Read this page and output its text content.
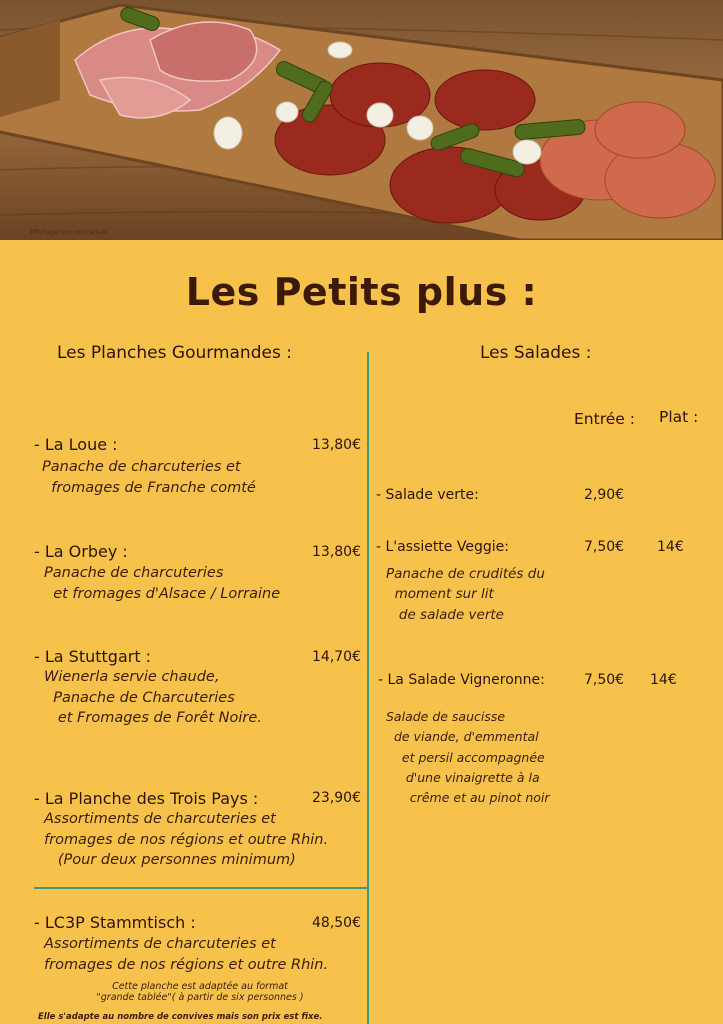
Affichage non contractuel
Les Petits plus :
Les Planches Gourmandes :	Les Salades :
- La Loue :	13,80€
Panache de charcuteries et
fromages de Franche comté
- La Orbey :	13,80€
Panache de charcuteries
et fromages d'Alsace / Lorraine
- La Stuttgart :	14,70€
Wienerla servie chaude,
Panache de Charcuteries
et Fromages de Forêt Noire.
- La Planche des Trois Pays :	23,90€
Assortiments de charcuteries et
fromages de nos régions et outre Rhin.
(Pour deux personnes minimum)
- LC3P Stammtisch :	48,50€
Assortiments de charcuteries et
fromages de nos régions et outre Rhin.
Cette planche est adaptée au format
"grande tablée"( à partir de six personnes )
Elle s'adapte au nombre de convives mais son prix est fixe.
Entrée : Plat :
- Salade verte:	2,90€
- L'assiette Veggie:	7,50€ 14€
Panache de crudités du
moment sur lit
de salade verte
- La Salade Vigneronne:	7,50€ 14€
Salade de saucisse
de viande, d'emmental
et persil accompagnée
d'une vinaigrette à la
crême et au pinot noir
